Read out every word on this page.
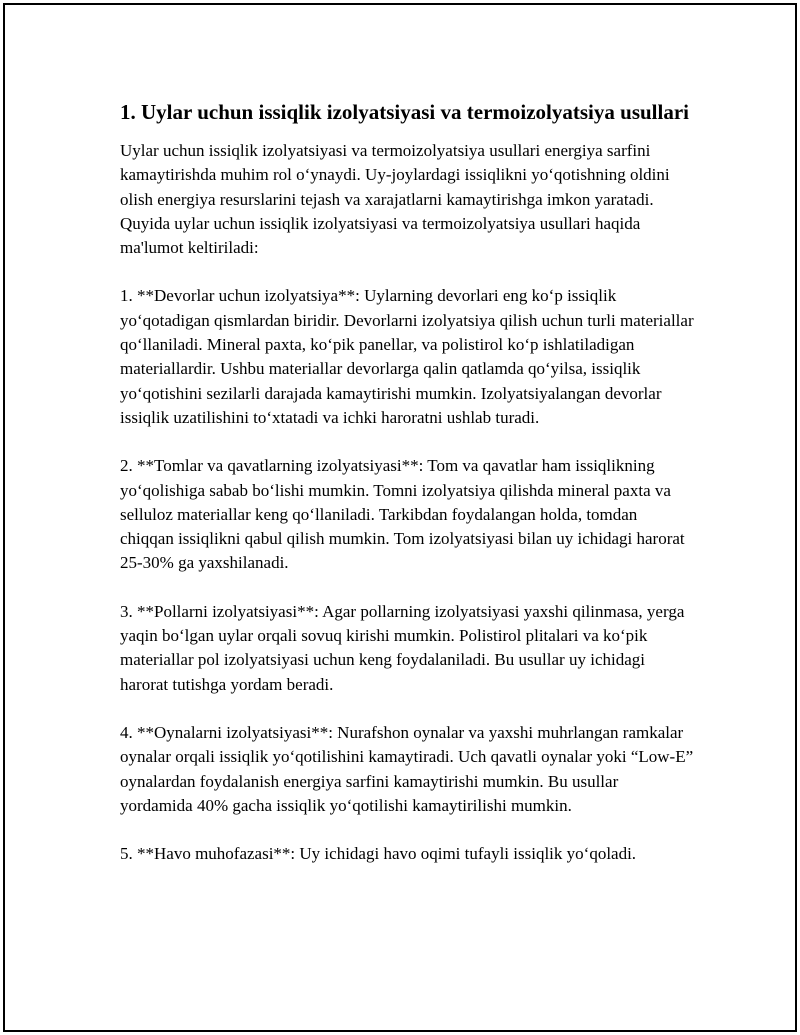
1. Uylar uchun issiqlik izolyatsiyasi va termoizolyatsiya usullari

Uylar uchun issiqlik izolyatsiyasi va termoizolyatsiya usullari energiya sarfini kamaytirishda muhim rol o‘ynaydi. Uy-joylardagi issiqlikni yo‘qotishning oldini olish energiya resurslarini tejash va xarajatlarni kamaytirishga imkon yaratadi. Quyida uylar uchun issiqlik izolyatsiyasi va termoizolyatsiya usullari haqida ma'lumot keltiriladi:

1. **Devorlar uchun izolyatsiya**: Uylarning devorlari eng ko‘p issiqlik yo‘qotadigan qismlardan biridir. Devorlarni izolyatsiya qilish uchun turli materiallar qo‘llaniladi. Mineral paxta, ko‘pik panellar, va polistirol ko‘p ishlatiladigan materiallardir. Ushbu materiallar devorlarga qalin qatlamda qo‘yilsa, issiqlik yo‘qotishini sezilarli darajada kamaytirishi mumkin. Izolyatsiyalangan devorlar issiqlik uzatilishini to‘xtatadi va ichki haroratni ushlab turadi.

2. **Tomlar va qavatlarning izolyatsiyasi**: Tom va qavatlar ham issiqlikning yo‘qolishiga sabab bo‘lishi mumkin. Tomni izolyatsiya qilishda mineral paxta va selluloz materiallar keng qo‘llaniladi. Tarkibdan foydalangan holda, tomdan chiqqan issiqlikni qabul qilish mumkin. Tom izolyatsiyasi bilan uy ichidagi harorat 25-30% ga yaxshilanadi.

3. **Pollarni izolyatsiyasi**: Agar pollarning izolyatsiyasi yaxshi qilinmasa, yerga yaqin bo‘lgan uylar orqali sovuq kirishi mumkin. Polistirol plitalari va ko‘pik materiallar pol izolyatsiyasi uchun keng foydalaniladi. Bu usullar uy ichidagi harorat tutishga yordam beradi.

4. **Oynalarni izolyatsiyasi**: Nurafshon oynalar va yaxshi muhrlangan ramkalar oynalar orqali issiqlik yo‘qotilishini kamaytiradi. Uch qavatli oynalar yoki “Low-E” oynalardan foydalanish energiya sarfini kamaytirishi mumkin. Bu usullar yordamida 40% gacha issiqlik yo‘qotilishi kamaytirilishi mumkin.

5. **Havo muhofazasi**: Uy ichidagi havo oqimi tufayli issiqlik yo‘qoladi.
